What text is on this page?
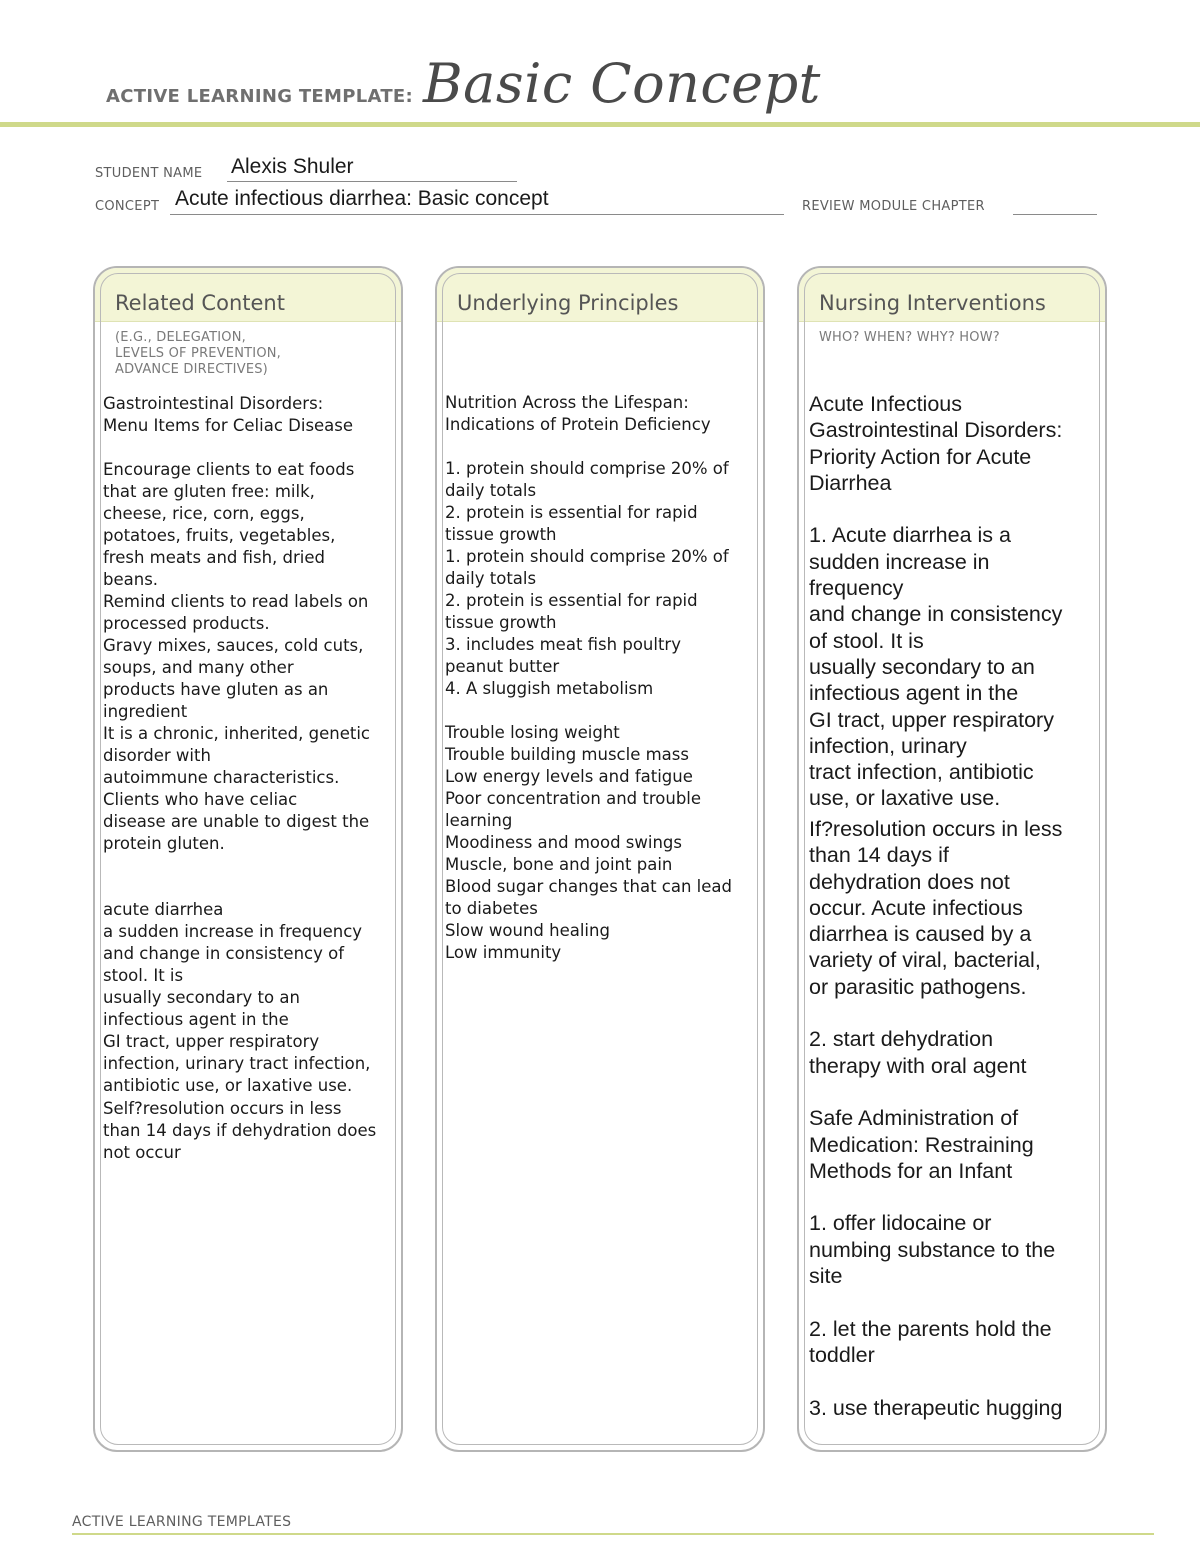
ACTIVE LEARNING TEMPLATE: Basic Concept
STUDENT NAME Alexis Shuler
CONCEPT Acute infectious diarrhea: Basic concept	REVIEW MODULE CHAPTER
Related Content
(E.G., DELEGATION,
LEVELS OF PREVENTION,
ADVANCE DIRECTIVES)
Gastrointestinal Disorders:
Menu Items for Celiac Disease

Encourage clients to eat foods
that are gluten free: milk,
cheese, rice, corn, eggs,
potatoes, fruits, vegetables,
fresh meats and fish, dried
beans.
Remind clients to read labels on
processed products.
Gravy mixes, sauces, cold cuts,
soups, and many other
products have gluten as an
ingredient
It is a chronic, inherited, genetic
disorder with
autoimmune characteristics.
Clients who have celiac
disease are unable to digest the
protein gluten.

acute diarrhea
a sudden increase in frequency
and change in consistency of
stool. It is
usually secondary to an
infectious agent in the
GI tract, upper respiratory
infection, urinary tract infection,
antibiotic use, or laxative use.
Self?resolution occurs in less
than 14 days if dehydration does
not occur
Underlying Principles
Nutrition Across the Lifespan:
Indications of Protein Deficiency

1. protein should comprise 20% of
daily totals
2. protein is essential for rapid
tissue growth
1. protein should comprise 20% of
daily totals
2. protein is essential for rapid
tissue growth
3. includes meat fish poultry
peanut butter
4. A sluggish metabolism

Trouble losing weight
Trouble building muscle mass
Low energy levels and fatigue
Poor concentration and trouble
learning
Moodiness and mood swings
Muscle, bone and joint pain
Blood sugar changes that can lead
to diabetes
Slow wound healing
Low immunity
Nursing Interventions
WHO? WHEN? WHY? HOW?
Acute Infectious
Gastrointestinal Disorders:
Priority Action for Acute
Diarrhea

1. Acute diarrhea is a
sudden increase in
frequency
and change in consistency
of stool. It is
usually secondary to an
infectious agent in the
GI tract, upper respiratory
infection, urinary
tract infection, antibiotic
use, or laxative use.
If?resolution occurs in less
than 14 days if
dehydration does not
occur. Acute infectious
diarrhea is caused by a
variety of viral, bacterial,
or parasitic pathogens.

2. start dehydration
therapy with oral agent

Safe Administration of
Medication: Restraining
Methods for an Infant

1. offer lidocaine or
numbing substance to the
site

2. let the parents hold the
toddler

3. use therapeutic hugging
ACTIVE LEARNING TEMPLATES
